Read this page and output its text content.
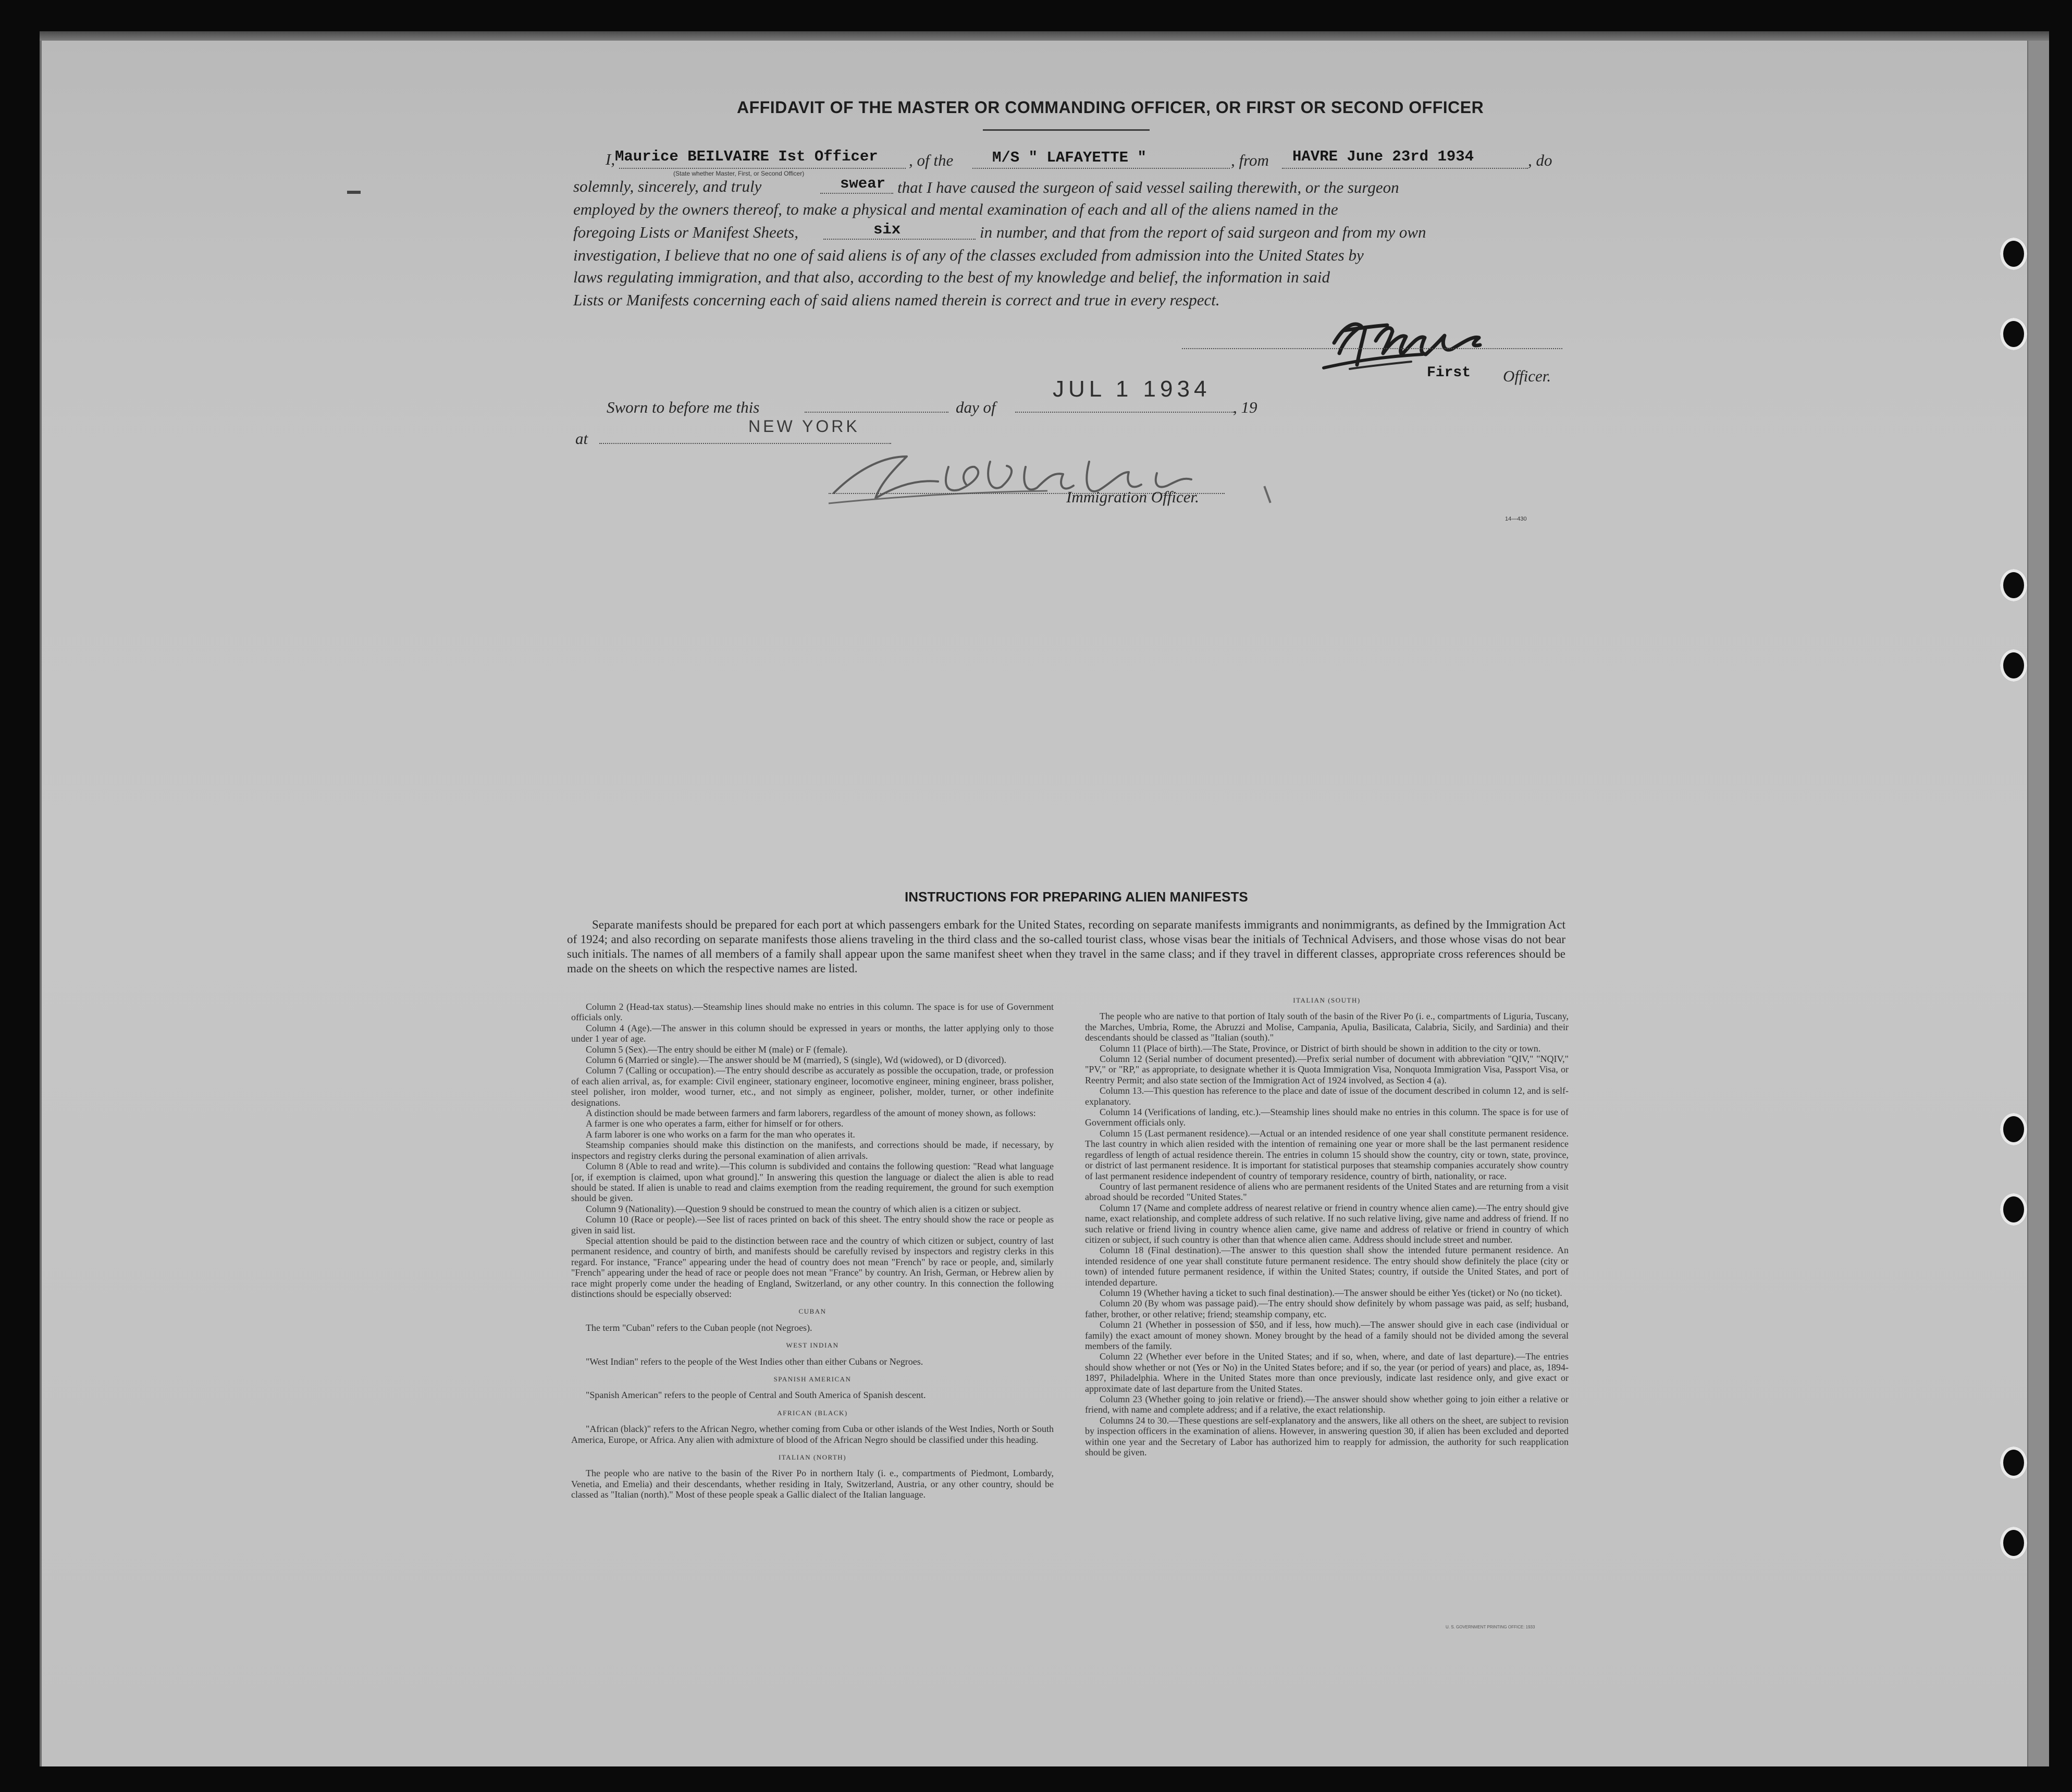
AFFIDAVIT OF THE MASTER OR COMMANDING OFFICER, OR FIRST OR SECOND OFFICER
I, Maurice BEILVAIRE Ist Officer
(State whether Master, First, or Second Officer)
, of the	M/S " LAFAYETTE "	, from HAVRE June 23rd 1934	, do
solemnly, sincerely, and truly	swear that I have caused the surgeon of said vessel sailing therewith, or the surgeon
employed by the owners thereof, to make a physical and mental examination of each and all of the aliens named in the
foregoing Lists or Manifest Sheets,	six	in number, and that from the report of said surgeon and from my own
investigation, I believe that no one of said aliens is of any of the classes excluded from admission into the United States by
laws regulating immigration, and that also, according to the best of my knowledge and belief, the information in said
Lists or Manifests concerning each of said aliens named therein is correct and true in every respect.
First Officer.
Sworn to before me this	day of
JUL 1 1934
, 19
at
NEW YORK
Immigration Officer.
14—430
INSTRUCTIONS FOR PREPARING ALIEN MANIFESTS
Separate manifests should be prepared for each port at which passengers embark for the United States, recording on separate manifests immigrants and nonimmigrants, as defined by the Immigration Act of 1924; and also recording on separate manifests those aliens traveling in the third class and the so-called tourist class, whose visas bear the initials of Technical Advisers, and those whose visas do not bear such initials. The names of all members of a family shall appear upon the same manifest sheet when they travel in the same class; and if they travel in different classes, appropriate cross references should be made on the sheets on which the respective names are listed.

Column 2 (Head-tax status).—Steamship lines should make no entries in this column. The space is for use of Government officials only.

Column 4 (Age).—The answer in this column should be expressed in years or months, the latter applying only to those under 1 year of age.

Column 5 (Sex).—The entry should be either M (male) or F (female).

Column 6 (Married or single).—The answer should be M (married), S (single), Wd (widowed), or D (divorced).

Column 7 (Calling or occupation).—The entry should describe as accurately as possible the occupation, trade, or profession of each alien arrival, as, for example: Civil engineer, stationary engineer, locomotive engineer, mining engineer, brass polisher, steel polisher, iron molder, wood turner, etc., and not simply as engineer, polisher, molder, turner, or other indefinite designations.

A distinction should be made between farmers and farm laborers, regardless of the amount of money shown, as follows:

A farmer is one who operates a farm, either for himself or for others.

A farm laborer is one who works on a farm for the man who operates it.

Steamship companies should make this distinction on the manifests, and corrections should be made, if necessary, by inspectors and registry clerks during the personal examination of alien arrivals.

Column 8 (Able to read and write).—This column is subdivided and contains the following question: "Read what language [or, if exemption is claimed, upon what ground]." In answering this question the language or dialect the alien is able to read should be stated. If alien is unable to read and claims exemption from the reading requirement, the ground for such exemption should be given.

Column 9 (Nationality).—Question 9 should be construed to mean the country of which alien is a citizen or subject.

Column 10 (Race or people).—See list of races printed on back of this sheet. The entry should show the race or people as given in said list.

Special attention should be paid to the distinction between race and the country of which citizen or subject, country of last permanent residence, and country of birth, and manifests should be carefully revised by inspectors and registry clerks in this regard. For instance, "France" appearing under the head of country does not mean "French" by race or people, and, similarly "French" appearing under the head of race or people does not mean "France" by country. An Irish, German, or Hebrew alien by race might properly come under the heading of England, Switzerland, or any other country. In this connection the following distinctions should be especially observed:

CUBAN

The term "Cuban" refers to the Cuban people (not Negroes).

WEST INDIAN

"West Indian" refers to the people of the West Indies other than either Cubans or Negroes.

SPANISH AMERICAN

"Spanish American" refers to the people of Central and South America of Spanish descent.

AFRICAN (BLACK)

"African (black)" refers to the African Negro, whether coming from Cuba or other islands of the West Indies, North or South America, Europe, or Africa. Any alien with admixture of blood of the African Negro should be classified under this heading.

ITALIAN (NORTH)

The people who are native to the basin of the River Po in northern Italy (i. e., compartments of Piedmont, Lombardy, Venetia, and Emelia) and their descendants, whether residing in Italy, Switzerland, Austria, or any other country, should be classed as "Italian (north)." Most of these people speak a Gallic dialect of the Italian language.

ITALIAN (SOUTH)

The people who are native to that portion of Italy south of the basin of the River Po (i. e., compartments of Liguria, Tuscany, the Marches, Umbria, Rome, the Abruzzi and Molise, Campania, Apulia, Basilicata, Calabria, Sicily, and Sardinia) and their descendants should be classed as "Italian (south)."

Column 11 (Place of birth).—The State, Province, or District of birth should be shown in addition to the city or town.

Column 12 (Serial number of document presented).—Prefix serial number of document with abbreviation "QIV," "NQIV," "PV," or "RP," as appropriate, to designate whether it is Quota Immigration Visa, Nonquota Immigration Visa, Passport Visa, or Reentry Permit; and also state section of the Immigration Act of 1924 involved, as Section 4 (a).

Column 13.—This question has reference to the place and date of issue of the document described in column 12, and is self-explanatory.

Column 14 (Verifications of landing, etc.).—Steamship lines should make no entries in this column. The space is for use of Government officials only.

Column 15 (Last permanent residence).—Actual or an intended residence of one year shall constitute permanent residence. The last country in which alien resided with the intention of remaining one year or more shall be the last permanent residence regardless of length of actual residence therein. The entries in column 15 should show the country, city or town, state, province, or district of last permanent residence. It is important for statistical purposes that steamship companies accurately show country of last permanent residence independent of country of temporary residence, country of birth, nationality, or race.

Country of last permanent residence of aliens who are permanent residents of the United States and are returning from a visit abroad should be recorded "United States."

Column 17 (Name and complete address of nearest relative or friend in country whence alien came).—The entry should give name, exact relationship, and complete address of such relative. If no such relative living, give name and address of friend. If no such relative or friend living in country whence alien came, give name and address of relative or friend in country of which citizen or subject, if such country is other than that whence alien came. Address should include street and number.

Column 18 (Final destination).—The answer to this question shall show the intended future permanent residence. An intended residence of one year shall constitute future permanent residence. The entry should show definitely the place (city or town) of intended future permanent residence, if within the United States; country, if outside the United States, and port of intended departure.

Column 19 (Whether having a ticket to such final destination).—The answer should be either Yes (ticket) or No (no ticket).

Column 20 (By whom was passage paid).—The entry should show definitely by whom passage was paid, as self; husband, father, brother, or other relative; friend; steamship company, etc.

Column 21 (Whether in possession of $50, and if less, how much).—The answer should give in each case (individual or family) the exact amount of money shown. Money brought by the head of a family should not be divided among the several members of the family.

Column 22 (Whether ever before in the United States; and if so, when, where, and date of last departure).—The entries should show whether or not (Yes or No) in the United States before; and if so, the year (or period of years) and place, as, 1894-1897, Philadelphia. Where in the United States more than once previously, indicate last residence only, and give exact or approximate date of last departure from the United States.

Column 23 (Whether going to join relative or friend).—The answer should show whether going to join either a relative or friend, with name and complete address; and if a relative, the exact relationship.

Columns 24 to 30.—These questions are self-explanatory and the answers, like all others on the sheet, are subject to revision by inspection officers in the examination of aliens. However, in answering question 30, if alien has been excluded and deported within one year and the Secretary of Labor has authorized him to reapply for admission, the authority for such reapplication should be given.

U. S. GOVERNMENT PRINTING OFFICE: 1933
